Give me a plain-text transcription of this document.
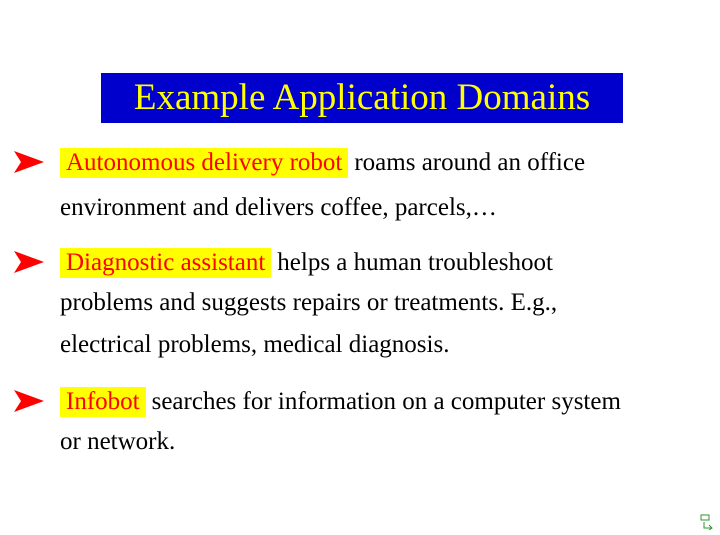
Example Application Domains
Autonomous delivery robot roams around an office
environment and delivers coffee, parcels,…
Diagnostic assistant helps a human troubleshoot
problems and suggests repairs or treatments. E.g.,
electrical problems, medical diagnosis.
Infobot searches for information on a computer system
or network.
